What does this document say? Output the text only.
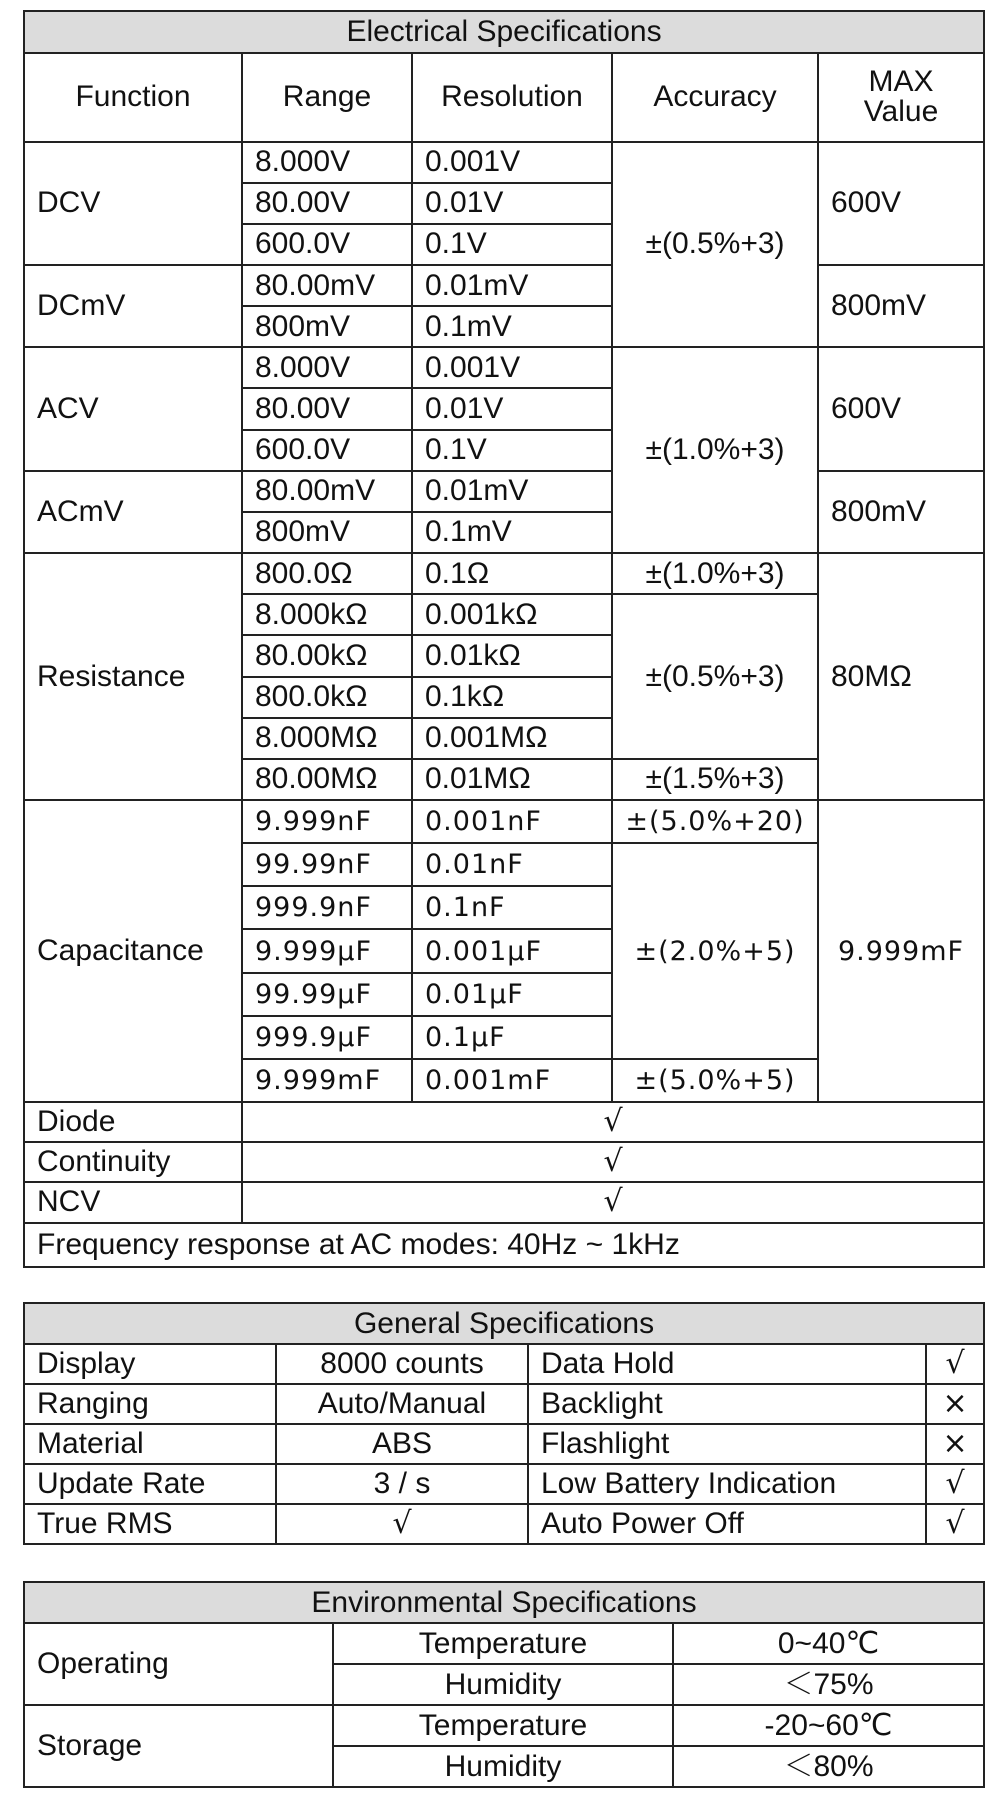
Electrical Specifications				
Function	Range	Resolution	Accuracy	MAX
Value
DCV	8.000V	0.001V	±(0.5%+3)	600V
	80.00V	0.01V		
	600.0V	0.1V		
DCmV	80.00mV	0.01mV		800mV
	800mV	0.1mV		
ACV	8.000V	0.001V	±(1.0%+3)	600V
	80.00V	0.01V		
	600.0V	0.1V		
ACmV	80.00mV	0.01mV		800mV
	800mV	0.1mV		
Resistance	800.0Ω	0.1Ω	±(1.0%+3)	80MΩ
	8.000kΩ	0.001kΩ	±(0.5%+3)	
	80.00kΩ	0.01kΩ		
	800.0kΩ	0.1kΩ		
	8.000MΩ	0.001MΩ		
	80.00MΩ	0.01MΩ	±(1.5%+3)	
Capacitance	9.999nF	0.001nF	±(5.0%+20)	9.999mF
	99.99nF	0.01nF	±(2.0%+5)	
	999.9nF	0.1nF		
	9.999μF	0.001μF		
	99.99μF	0.01μF		
	999.9μF	0.1μF		
	9.999mF	0.001mF	±(5.0%+5)	
Diode	√			
Continuity	√			
NCV	√			
Frequency response at AC modes: 40Hz ~ 1kHz				
General Specifications			
Display	8000 counts	Data Hold	√
Ranging	Auto/Manual	Backlight	×
Material	ABS	Flashlight	×
Update Rate	3 / s	Low Battery Indication	√
True RMS	√	Auto Power Off	√
Environmental Specifications		
Operating	Temperature	0~40℃
	Humidity	＜75%
Storage	Temperature	-20~60℃
	Humidity	＜80%
